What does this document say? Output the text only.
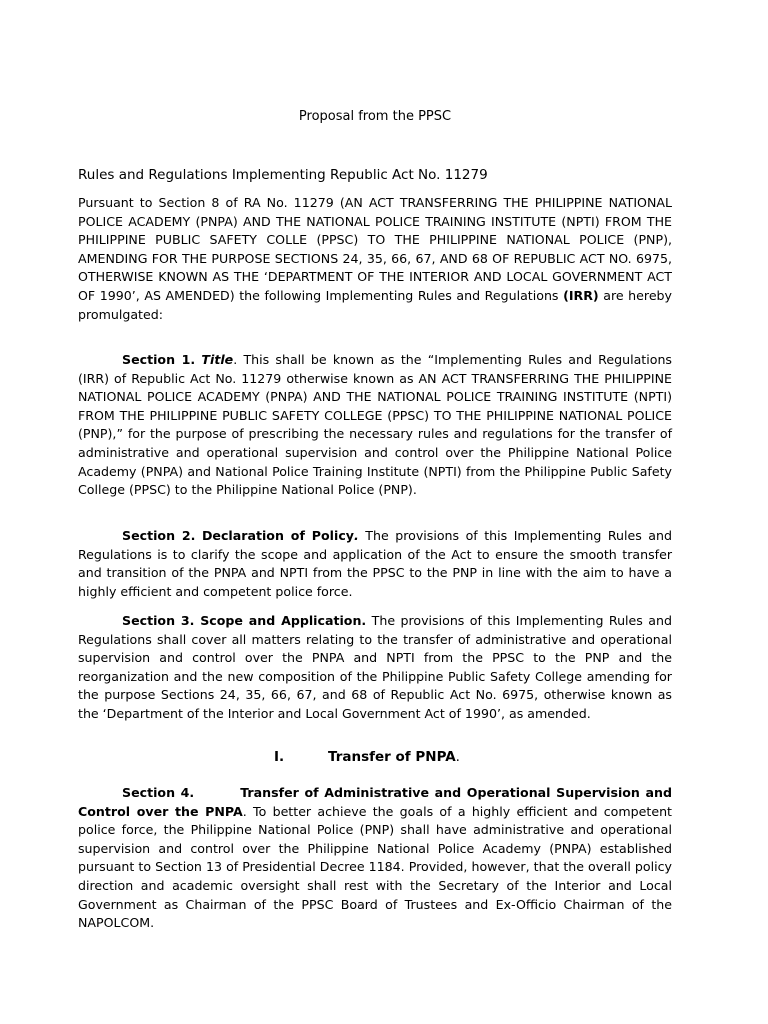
Proposal from the PPSC
Rules and Regulations Implementing Republic Act No. 11279

Pursuant to Section 8 of RA No. 11279 (AN ACT TRANSFERRING THE PHILIPPINE NATIONAL POLICE ACADEMY (PNPA) AND THE NATIONAL POLICE TRAINING INSTITUTE (NPTI) FROM THE PHILIPPINE PUBLIC SAFETY COLLE (PPSC) TO THE PHILIPPINE NATIONAL POLICE (PNP), AMENDING FOR THE PURPOSE SECTIONS 24, 35, 66, 67, AND 68 OF REPUBLIC ACT NO. 6975, OTHERWISE KNOWN AS THE ‘DEPARTMENT OF THE INTERIOR AND LOCAL GOVERNMENT ACT OF 1990’, AS AMENDED) the following Implementing Rules and Regulations (IRR) are hereby promulgated:

Section 1. Title. This shall be known as the “Implementing Rules and Regulations (IRR) of Republic Act No. 11279 otherwise known as AN ACT TRANSFERRING THE PHILIPPINE NATIONAL POLICE ACADEMY (PNPA) AND THE NATIONAL POLICE TRAINING INSTITUTE (NPTI) FROM THE PHILIPPINE PUBLIC SAFETY COLLEGE (PPSC) TO THE PHILIPPINE NATIONAL POLICE (PNP),” for the purpose of prescribing the necessary rules and regulations for the transfer of administrative and operational supervision and control over the Philippine National Police Academy (PNPA) and National Police Training Institute (NPTI) from the Philippine Public Safety College (PPSC) to the Philippine National Police (PNP).

Section 2. Declaration of Policy. The provisions of this Implementing Rules and Regulations is to clarify the scope and application of the Act to ensure the smooth transfer and transition of the PNPA and NPTI from the PPSC to the PNP in line with the aim to have a highly efficient and competent police force.

Section 3. Scope and Application. The provisions of this Implementing Rules and Regulations shall cover all matters relating to the transfer of administrative and operational supervision and control over the PNPA and NPTI from the PPSC to the PNP and the reorganization and the new composition of the Philippine Public Safety College amending for the purpose Sections 24, 35, 66, 67, and 68 of Republic Act No. 6975, otherwise known as the ‘Department of the Interior and Local Government Act of 1990’, as amended.

I.	Transfer of PNPA.

Section 4.	Transfer of Administrative and Operational Supervision and Control over the PNPA. To better achieve the goals of a highly efficient and competent police force, the Philippine National Police (PNP) shall have administrative and operational supervision and control over the Philippine National Police Academy (PNPA) established pursuant to Section 13 of Presidential Decree 1184. Provided, however, that the overall policy direction and academic oversight shall rest with the Secretary of the Interior and Local Government as Chairman of the PPSC Board of Trustees and Ex-Officio Chairman of the NAPOLCOM.
